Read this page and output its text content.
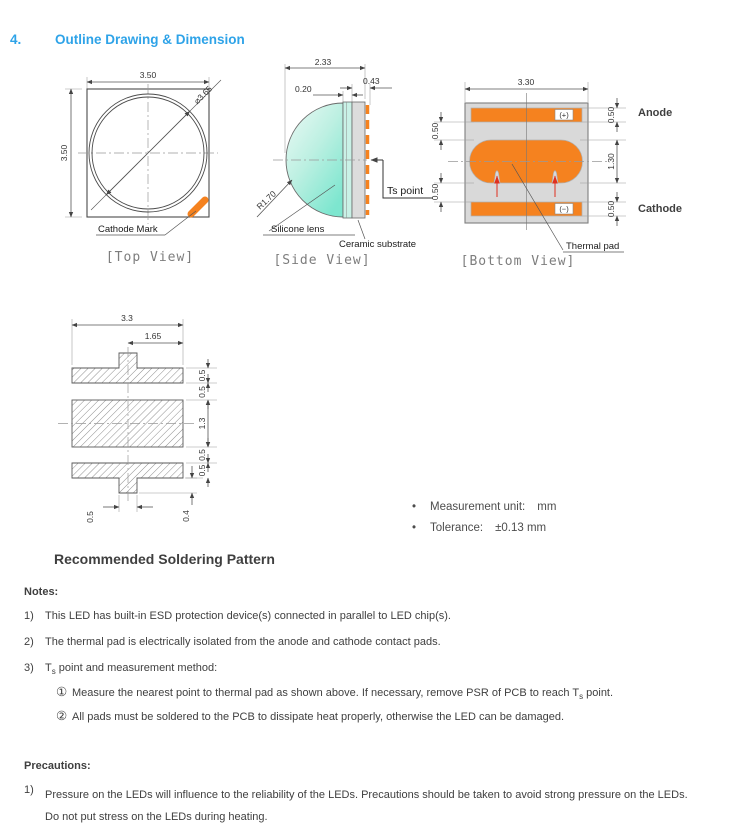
4. Outline Drawing & Dimension
3.50
3.50
⌀3.65
Cathode Mark
[Top View]
2.33
0.43
0.20
R1.70
Silicone lens
Ts point
Ceramic substrate
[Side View]
3.30
(+)
(−)
0.50
0.50
0.50
1.30
0.50
Anode
Cathode
Thermal pad
[Bottom View]
3.3
1.65
0.5
0.5
1.3
0.5
0.5
0.5	0.4
• Measurement unit: mm
• Tolerance: ±0.13 mm
Recommended Soldering Pattern
Notes:
1) This LED has built-in ESD protection device(s) connected in parallel to LED chip(s).
2) The thermal pad is electrically isolated from the anode and cathode contact pads.
3) $T_s$ point and measurement method:
① Measure the nearest point to thermal pad as shown above. If necessary, remove PSR of PCB to reach $T_s$ point.
② All pads must be soldered to the PCB to dissipate heat properly, otherwise the LED can be damaged.
Precautions:
1) Pressure on the LEDs will influence to the reliability of the LEDs. Precautions should be taken to avoid strong pressure on the LEDs. Do not put stress on the LEDs during heating.
